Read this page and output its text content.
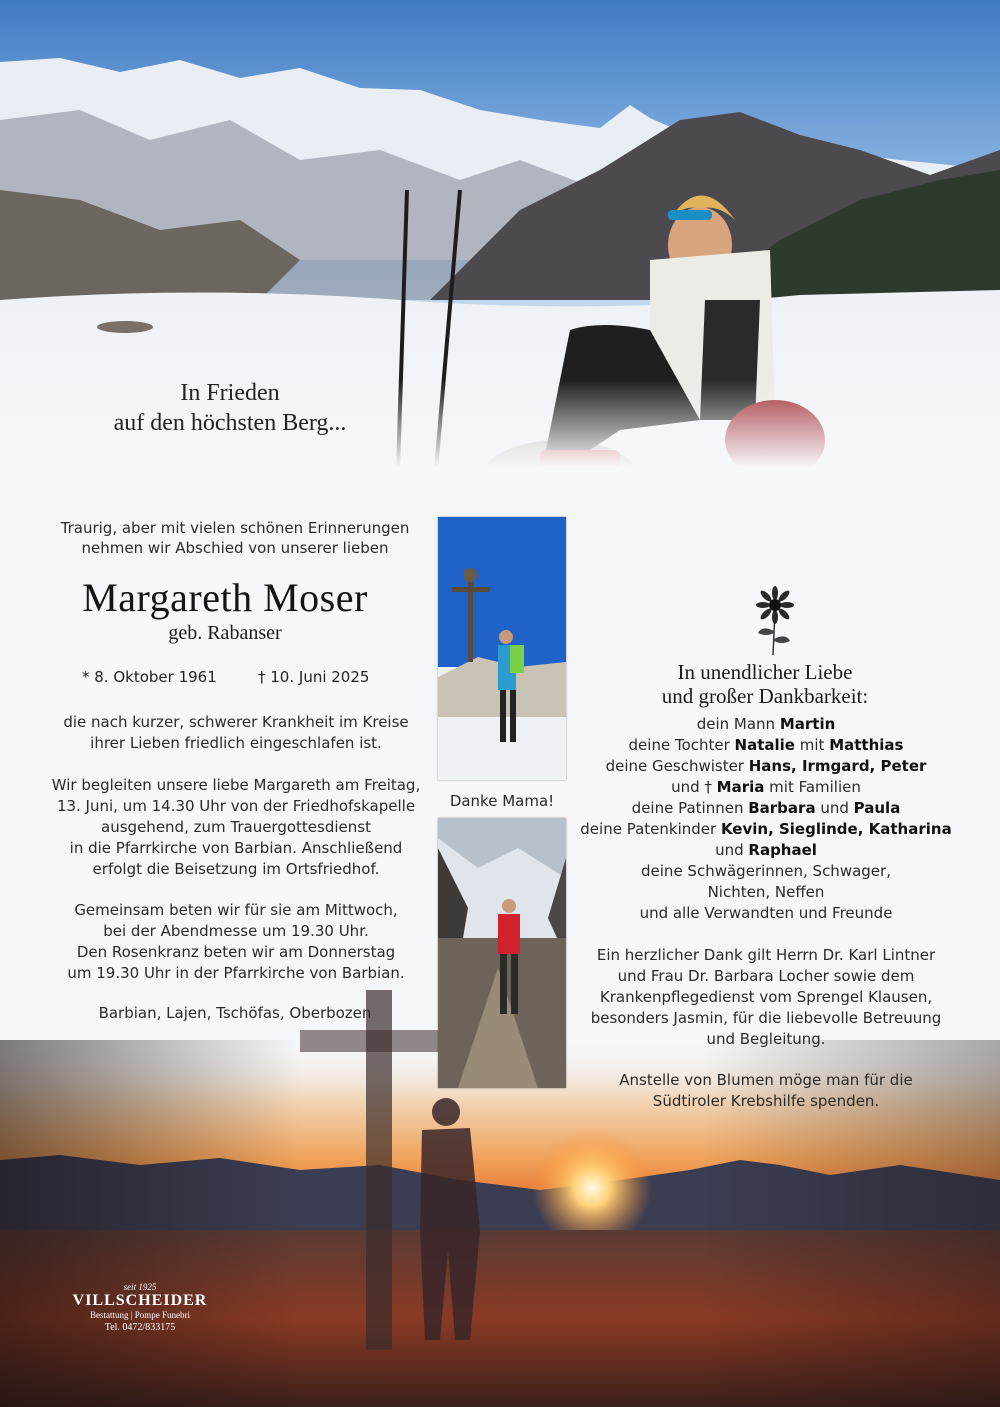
In Frieden
auf den höchsten Berg...
Traurig, aber mit vielen schönen Erinnerungen
nehmen wir Abschied von unserer lieben
Margareth Moser
geb. Rabanser
* 8. Oktober 1961	† 10. Juni 2025

die nach kurzer, schwerer Krankheit im Kreise

ihrer Lieben friedlich eingeschlafen ist.

Wir begleiten unsere liebe Margareth am Freitag,

13. Juni, um 14.30 Uhr von der Friedhofskapelle

ausgehend, zum Trauergottesdienst

in die Pfarrkirche von Barbian. Anschließend

erfolgt die Beisetzung im Ortsfriedhof.

Gemeinsam beten wir für sie am Mittwoch,

bei der Abendmesse um 19.30 Uhr.

Den Rosenkranz beten wir am Donnerstag

um 19.30 Uhr in der Pfarrkirche von Barbian.

Barbian, Lajen, Tschöfas, Oberbozen
Danke Mama!
In unendlicher Liebe
und großer Dankbarkeit:

dein Mann Martin

deine Tochter Natalie mit Matthias

deine Geschwister Hans, Irmgard, Peter

und † Maria mit Familien

deine Patinnen Barbara und Paula

deine Patenkinder Kevin, Sieglinde, Katharina

und Raphael

deine Schwägerinnen, Schwager,

Nichten, Neffen

und alle Verwandten und Freunde

Ein herzlicher Dank gilt Herrn Dr. Karl Lintner

und Frau Dr. Barbara Locher sowie dem

Krankenpflegedienst vom Sprengel Klausen,

besonders Jasmin, für die liebevolle Betreuung

und Begleitung.

Anstelle von Blumen möge man für die

Südtiroler Krebshilfe spenden.

seit 1925
VILLSCHEIDER
Bestattung | Pompe Funebri
Tel. 0472/833175
